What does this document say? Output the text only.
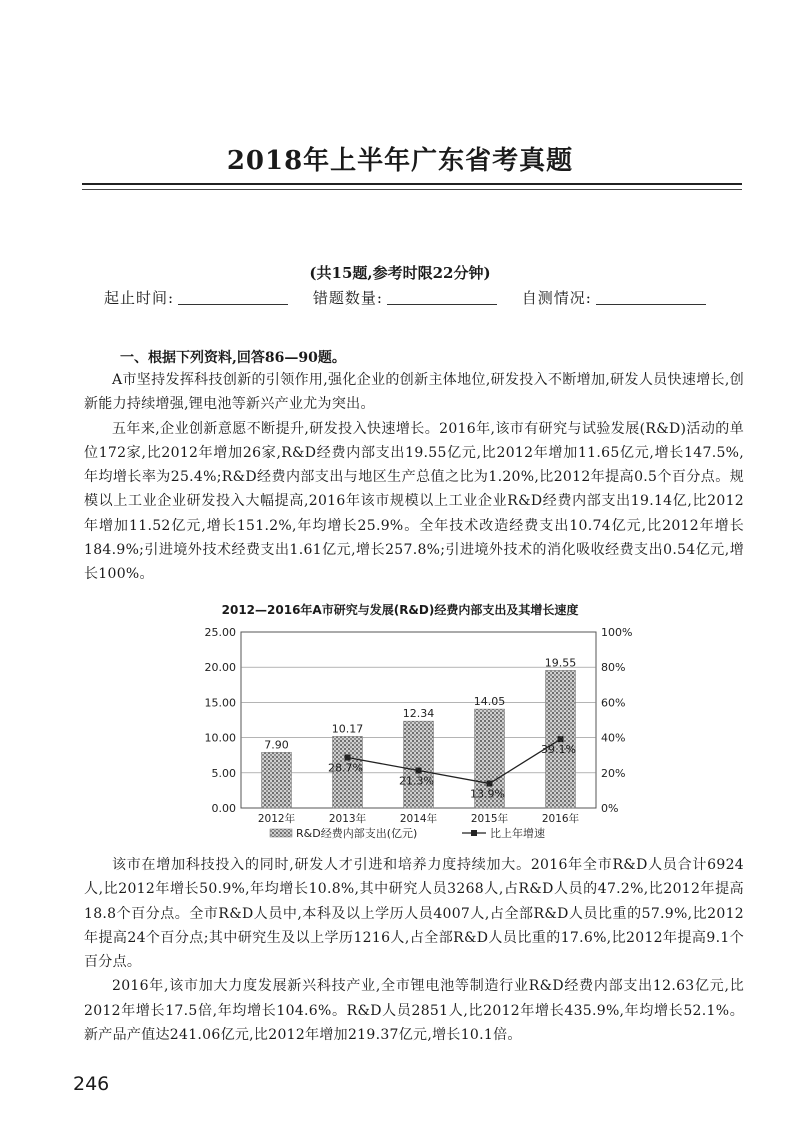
2018年上半年广东省考真题
(共15题,参考时限22分钟)
起止时间:	错题数量:	自测情况:
一、根据下列资料,回答86—90题。

A市坚持发挥科技创新的引领作用,强化企业的创新主体地位,研发投入不断增加,研发人员快速增长,创新能力持续增强,锂电池等新兴产业尤为突出。

五年来,企业创新意愿不断提升,研发投入快速增长。2016年,该市有研究与试验发展(R&D)活动的单位172家,比2012年增加26家,R&D经费内部支出19.55亿元,比2012年增加11.65亿元,增长147.5%,年均增长率为25.4%;R&D经费内部支出与地区生产总值之比为1.20%,比2012年提高0.5个百分点。规模以上工业企业研发投入大幅提高,2016年该市规模以上工业企业R&D经费内部支出19.14亿,比2012年增加11.52亿元,增长151.2%,年均增长25.9%。全年技术改造经费支出10.74亿元,比2012年增长184.9%;引进境外技术经费支出1.61亿元,增长257.8%;引进境外技术的消化吸收经费支出0.54亿元,增长100%。

2012—2016年A市研究与发展(R&D)经费内部支出及其增长速度
7.90
10.17
12.34
14.05
19.55
28.7%
21.3%
13.9%
39.1%
0.00
5.00
10.00
15.00
20.00
25.00
0%
20%
40%
60%
80%
100%
2012年	2013年	2014年	2015年	2016年
R&D经费内部支出(亿元)	比上年增速

该市在增加科技投入的同时,研发人才引进和培养力度持续加大。2016年全市R&D人员合计6924人,比2012年增长50.9%,年均增长10.8%,其中研究人员3268人,占R&D人员的47.2%,比2012年提高18.8个百分点。全市R&D人员中,本科及以上学历人员4007人,占全部R&D人员比重的57.9%,比2012年提高24个百分点;其中研究生及以上学历1216人,占全部R&D人员比重的17.6%,比2012年提高9.1个百分点。

2016年,该市加大力度发展新兴科技产业,全市锂电池等制造行业R&D经费内部支出12.63亿元,比2012年增长17.5倍,年均增长104.6%。R&D人员2851人,比2012年增长435.9%,年均增长52.1%。新产品产值达241.06亿元,比2012年增加219.37亿元,增长10.1倍。

246
